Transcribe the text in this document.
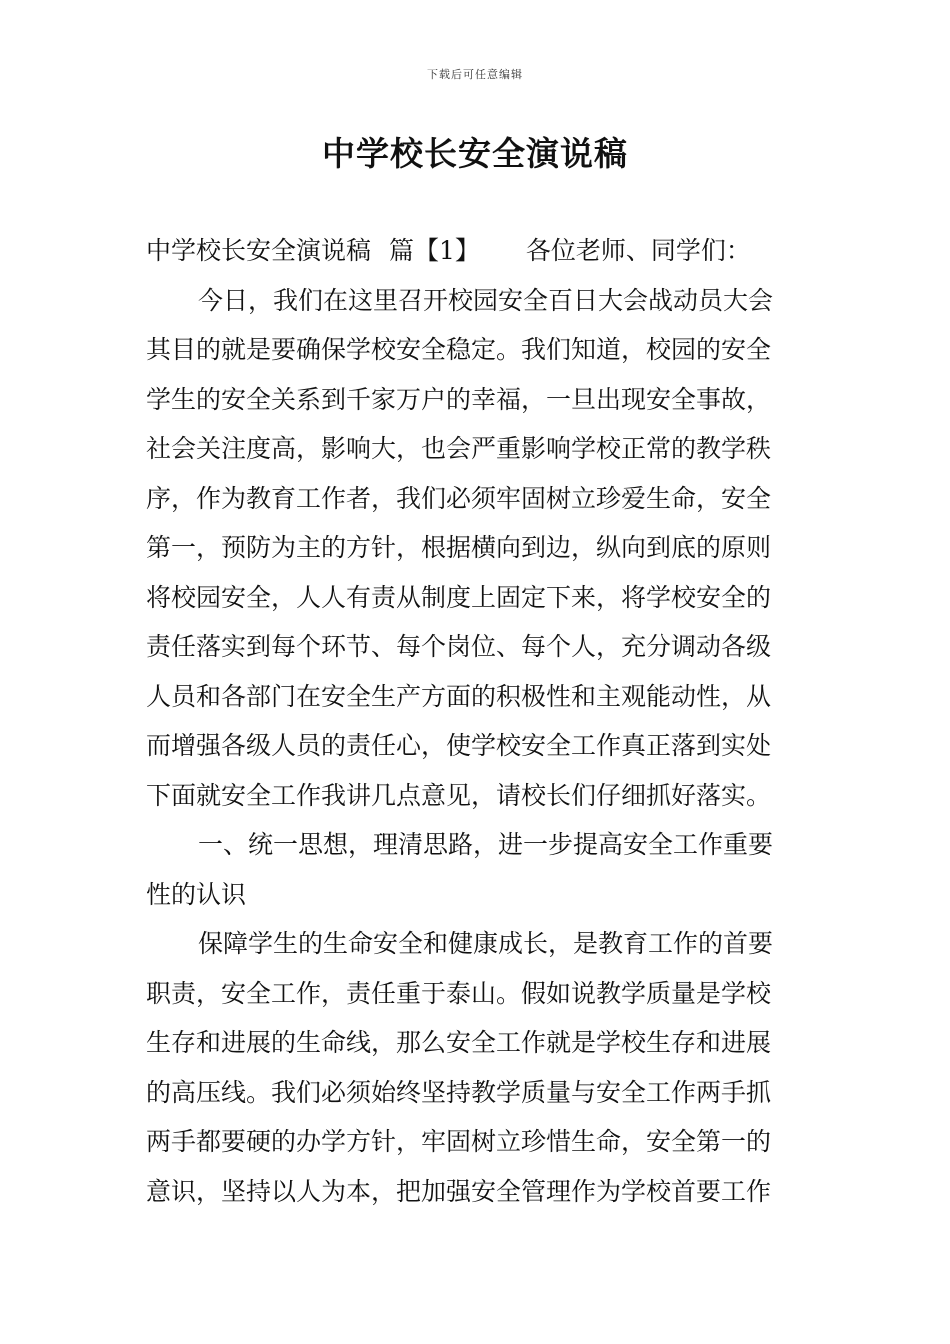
下载后可任意编辑
中学校长安全演说稿
中学校长安全演说稿 篇【1】 各位老师、同学们：
今日，我们在这里召开校园安全百日大会战动员大会
其目的就是要确保学校安全稳定。我们知道，校园的安全
学生的安全关系到千家万户的幸福，一旦出现安全事故，
社会关注度高，影响大，也会严重影响学校正常的教学秩
序，作为教育工作者，我们必须牢固树立珍爱生命，安全
第一，预防为主的方针，根据横向到边，纵向到底的原则
将校园安全，人人有责从制度上固定下来，将学校安全的
责任落实到每个环节、每个岗位、每个人，充分调动各级
人员和各部门在安全生产方面的积极性和主观能动性，从
而增强各级人员的责任心，使学校安全工作真正落到实处
下面就安全工作我讲几点意见，请校长们仔细抓好落实。
一、统一思想，理清思路，进一步提高安全工作重要
性的认识
保障学生的生命安全和健康成长，是教育工作的首要
职责，安全工作，责任重于泰山。假如说教学质量是学校
生存和进展的生命线，那么安全工作就是学校生存和进展
的高压线。我们必须始终坚持教学质量与安全工作两手抓
两手都要硬的办学方针，牢固树立珍惜生命，安全第一的
意识，坚持以人为本，把加强安全管理作为学校首要工作
